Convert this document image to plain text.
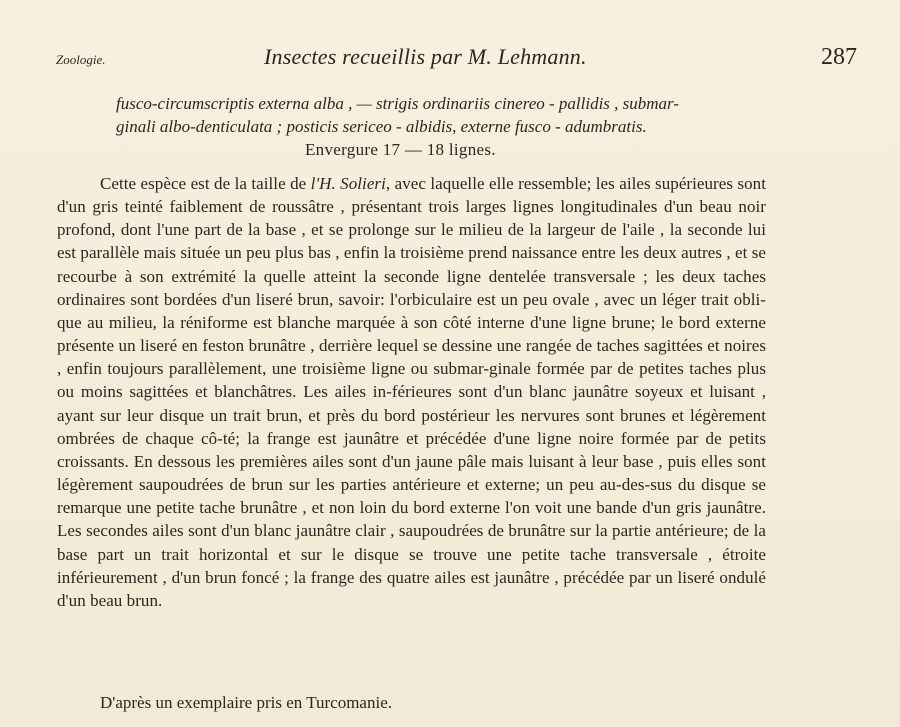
Zoologie.	Insectes recueillis par M. Lehmann.	287
fusco-circumscriptis externa alba , — strigis ordinariis cinereo - pallidis , submar-
ginali albo-denticulata ; posticis sericeo - albidis, externe fusco - adumbratis.
Envergure 17 — 18 lignes.

Cette espèce est de la taille de l'H. Solieri, avec laquelle elle ressemble; les ailes supérieures sont d'un gris teinté faiblement de roussâtre , présentant trois larges lignes longitudinales d'un beau noir profond, dont l'une part de la base , et se prolonge sur le milieu de la largeur de l'aile , la seconde lui est parallèle mais située un peu plus bas , enfin la troisième prend naissance entre les deux autres , et se recourbe à son extrémité la quelle atteint la seconde ligne dentelée transversale ; les deux taches ordinaires sont bordées d'un liseré brun, savoir: l'orbiculaire est un peu ovale , avec un léger trait obli-que au milieu, la réniforme est blanche marquée à son côté interne d'une ligne brune; le bord externe présente un liseré en feston brunâtre , derrière lequel se dessine une rangée de taches sagittées et noires , enfin toujours parallèlement, une troisième ligne ou submar-ginale formée par de petites taches plus ou moins sagittées et blanchâtres. Les ailes in-férieures sont d'un blanc jaunâtre soyeux et luisant , ayant sur leur disque un trait brun, et près du bord postérieur les nervures sont brunes et légèrement ombrées de chaque cô-té; la frange est jaunâtre et précédée d'une ligne noire formée par de petits croissants. En dessous les premières ailes sont d'un jaune pâle mais luisant à leur base , puis elles sont légèrement saupoudrées de brun sur les parties antérieure et externe; un peu au-des-sus du disque se remarque une petite tache brunâtre , et non loin du bord externe l'on voit une bande d'un gris jaunâtre. Les secondes ailes sont d'un blanc jaunâtre clair , saupoudrées de brunâtre sur la partie antérieure; de la base part un trait horizontal et sur le disque se trouve une petite tache transversale , étroite inférieurement , d'un brun foncé ; la frange des quatre ailes est jaunâtre , précédée par un liseré ondulé d'un beau brun.

D'après un exemplaire pris en Turcomanie.
